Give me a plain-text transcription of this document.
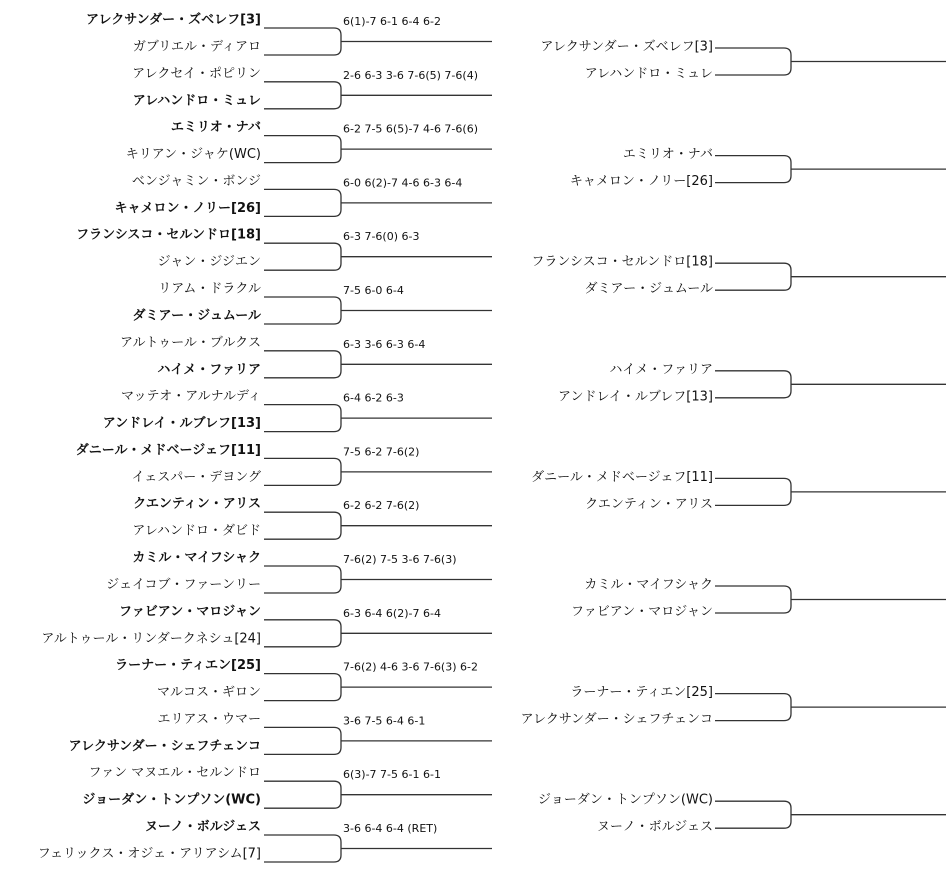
アレクサンダー・ズベレフ[3]
ガブリエル・ディアロ
6(1)-7 6-1 6-4 6-2
アレクセイ・ポピリン
アレハンドロ・ミュレ
2-6 6-3 3-6 7-6(5) 7-6(4)
エミリオ・ナバ
キリアン・ジャケ(WC)
6-2 7-5 6(5)-7 4-6 7-6(6)
ベンジャミン・ボンジ
キャメロン・ノリー[26]
6-0 6(2)-7 4-6 6-3 6-4
フランシスコ・セルンドロ[18]
ジャン・ジジエン
6-3 7-6(0) 6-3
リアム・ドラクル
ダミアー・ジュムール
7-5 6-0 6-4
アルトゥール・ブルクス
ハイメ・ファリア
6-3 3-6 6-3 6-4
マッテオ・アルナルディ
アンドレイ・ルブレフ[13]
6-4 6-2 6-3
ダニール・メドベージェフ[11]
イェスパー・デヨング
7-5 6-2 7-6(2)
クエンティン・アリス
アレハンドロ・ダビド
6-2 6-2 7-6(2)
カミル・マイフシャク
ジェイコブ・ファーンリー
7-6(2) 7-5 3-6 7-6(3)
ファビアン・マロジャン
アルトゥール・リンダークネシュ[24]
6-3 6-4 6(2)-7 6-4
ラーナー・ティエン[25]
マルコス・ギロン
7-6(2) 4-6 3-6 7-6(3) 6-2
エリアス・ウマー
アレクサンダー・シェフチェンコ
3-6 7-5 6-4 6-1
ファン マヌエル・セルンドロ
ジョーダン・トンプソン(WC)
6(3)-7 7-5 6-1 6-1
ヌーノ・ボルジェス
フェリックス・オジェ・アリアシム[7]
3-6 6-4 6-4 (RET)
アレクサンダー・ズベレフ[3]
アレハンドロ・ミュレ
エミリオ・ナバ
キャメロン・ノリー[26]
フランシスコ・セルンドロ[18]
ダミアー・ジュムール
ハイメ・ファリア
アンドレイ・ルブレフ[13]
ダニール・メドベージェフ[11]
クエンティン・アリス
カミル・マイフシャク
ファビアン・マロジャン
ラーナー・ティエン[25]
アレクサンダー・シェフチェンコ
ジョーダン・トンプソン(WC)
ヌーノ・ボルジェス
